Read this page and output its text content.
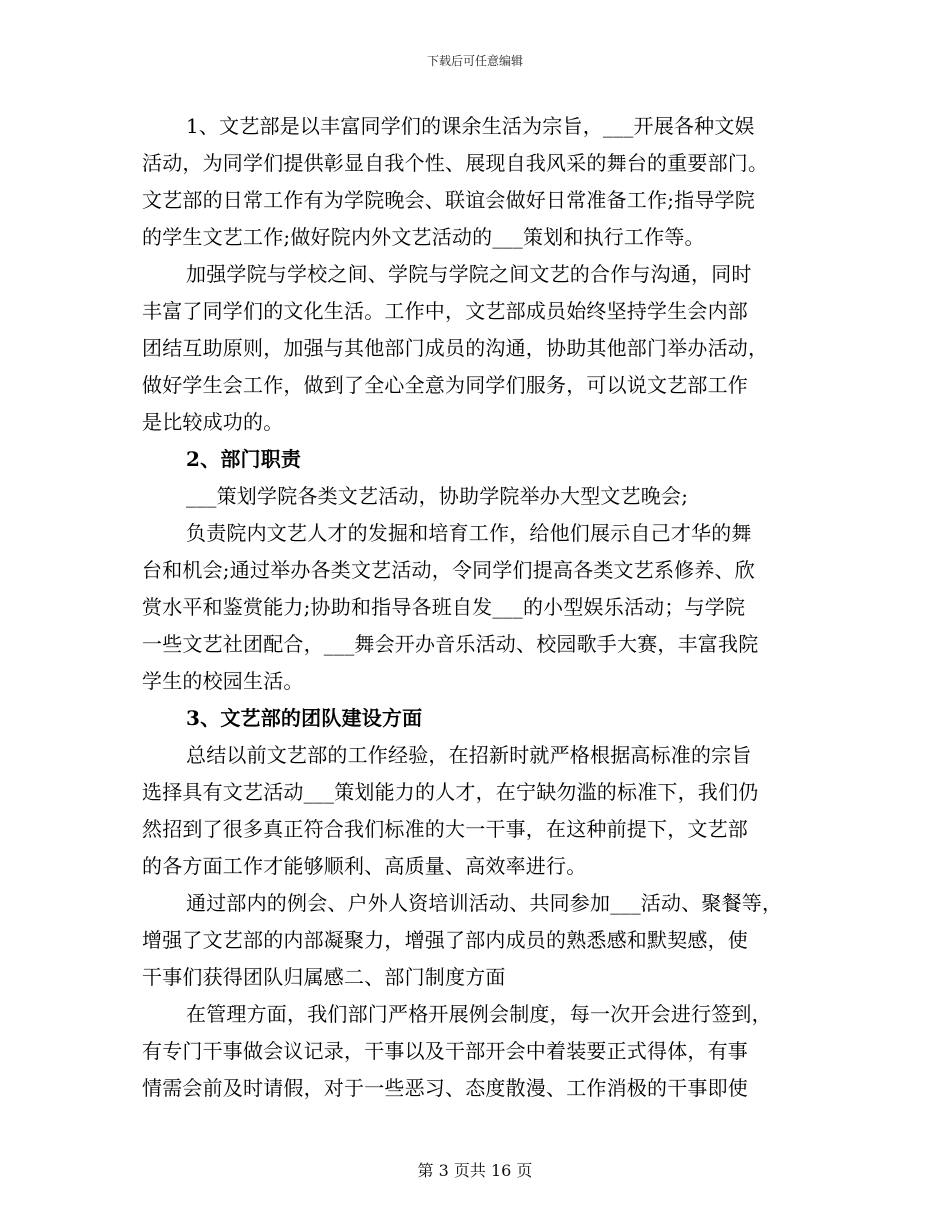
下载后可任意编辑
1、文艺部是以丰富同学们的课余生活为宗旨，___开展各种文娱
活动，为同学们提供彰显自我个性、展现自我风采的舞台的重要部门。
文艺部的日常工作有为学院晚会、联谊会做好日常准备工作;指导学院
的学生文艺工作;做好院内外文艺活动的___策划和执行工作等。
加强学院与学校之间、学院与学院之间文艺的合作与沟通，同时
丰富了同学们的文化生活。工作中，文艺部成员始终坚持学生会内部
团结互助原则，加强与其他部门成员的沟通，协助其他部门举办活动，
做好学生会工作，做到了全心全意为同学们服务，可以说文艺部工作
是比较成功的。
2、部门职责
___策划学院各类文艺活动，协助学院举办大型文艺晚会;
负责院内文艺人才的发掘和培育工作，给他们展示自己才华的舞
台和机会;通过举办各类文艺活动，令同学们提高各类文艺系修养、欣
赏水平和鉴赏能力;协助和指导各班自发___的小型娱乐活动；与学院
一些文艺社团配合，___舞会开办音乐活动、校园歌手大赛，丰富我院
学生的校园生活。
3、文艺部的团队建设方面
总结以前文艺部的工作经验，在招新时就严格根据高标准的宗旨
选择具有文艺活动___策划能力的人才，在宁缺勿滥的标准下，我们仍
然招到了很多真正符合我们标准的大一干事，在这种前提下，文艺部
的各方面工作才能够顺利、高质量、高效率进行。
通过部内的例会、户外人资培训活动、共同参加___活动、聚餐等，
增强了文艺部的内部凝聚力，增强了部内成员的熟悉感和默契感，使
干事们获得团队归属感二、部门制度方面
在管理方面，我们部门严格开展例会制度，每一次开会进行签到，
有专门干事做会议记录，干事以及干部开会中着装要正式得体，有事
情需会前及时请假，对于一些恶习、态度散漫、工作消极的干事即使
第 3 页共 16 页
